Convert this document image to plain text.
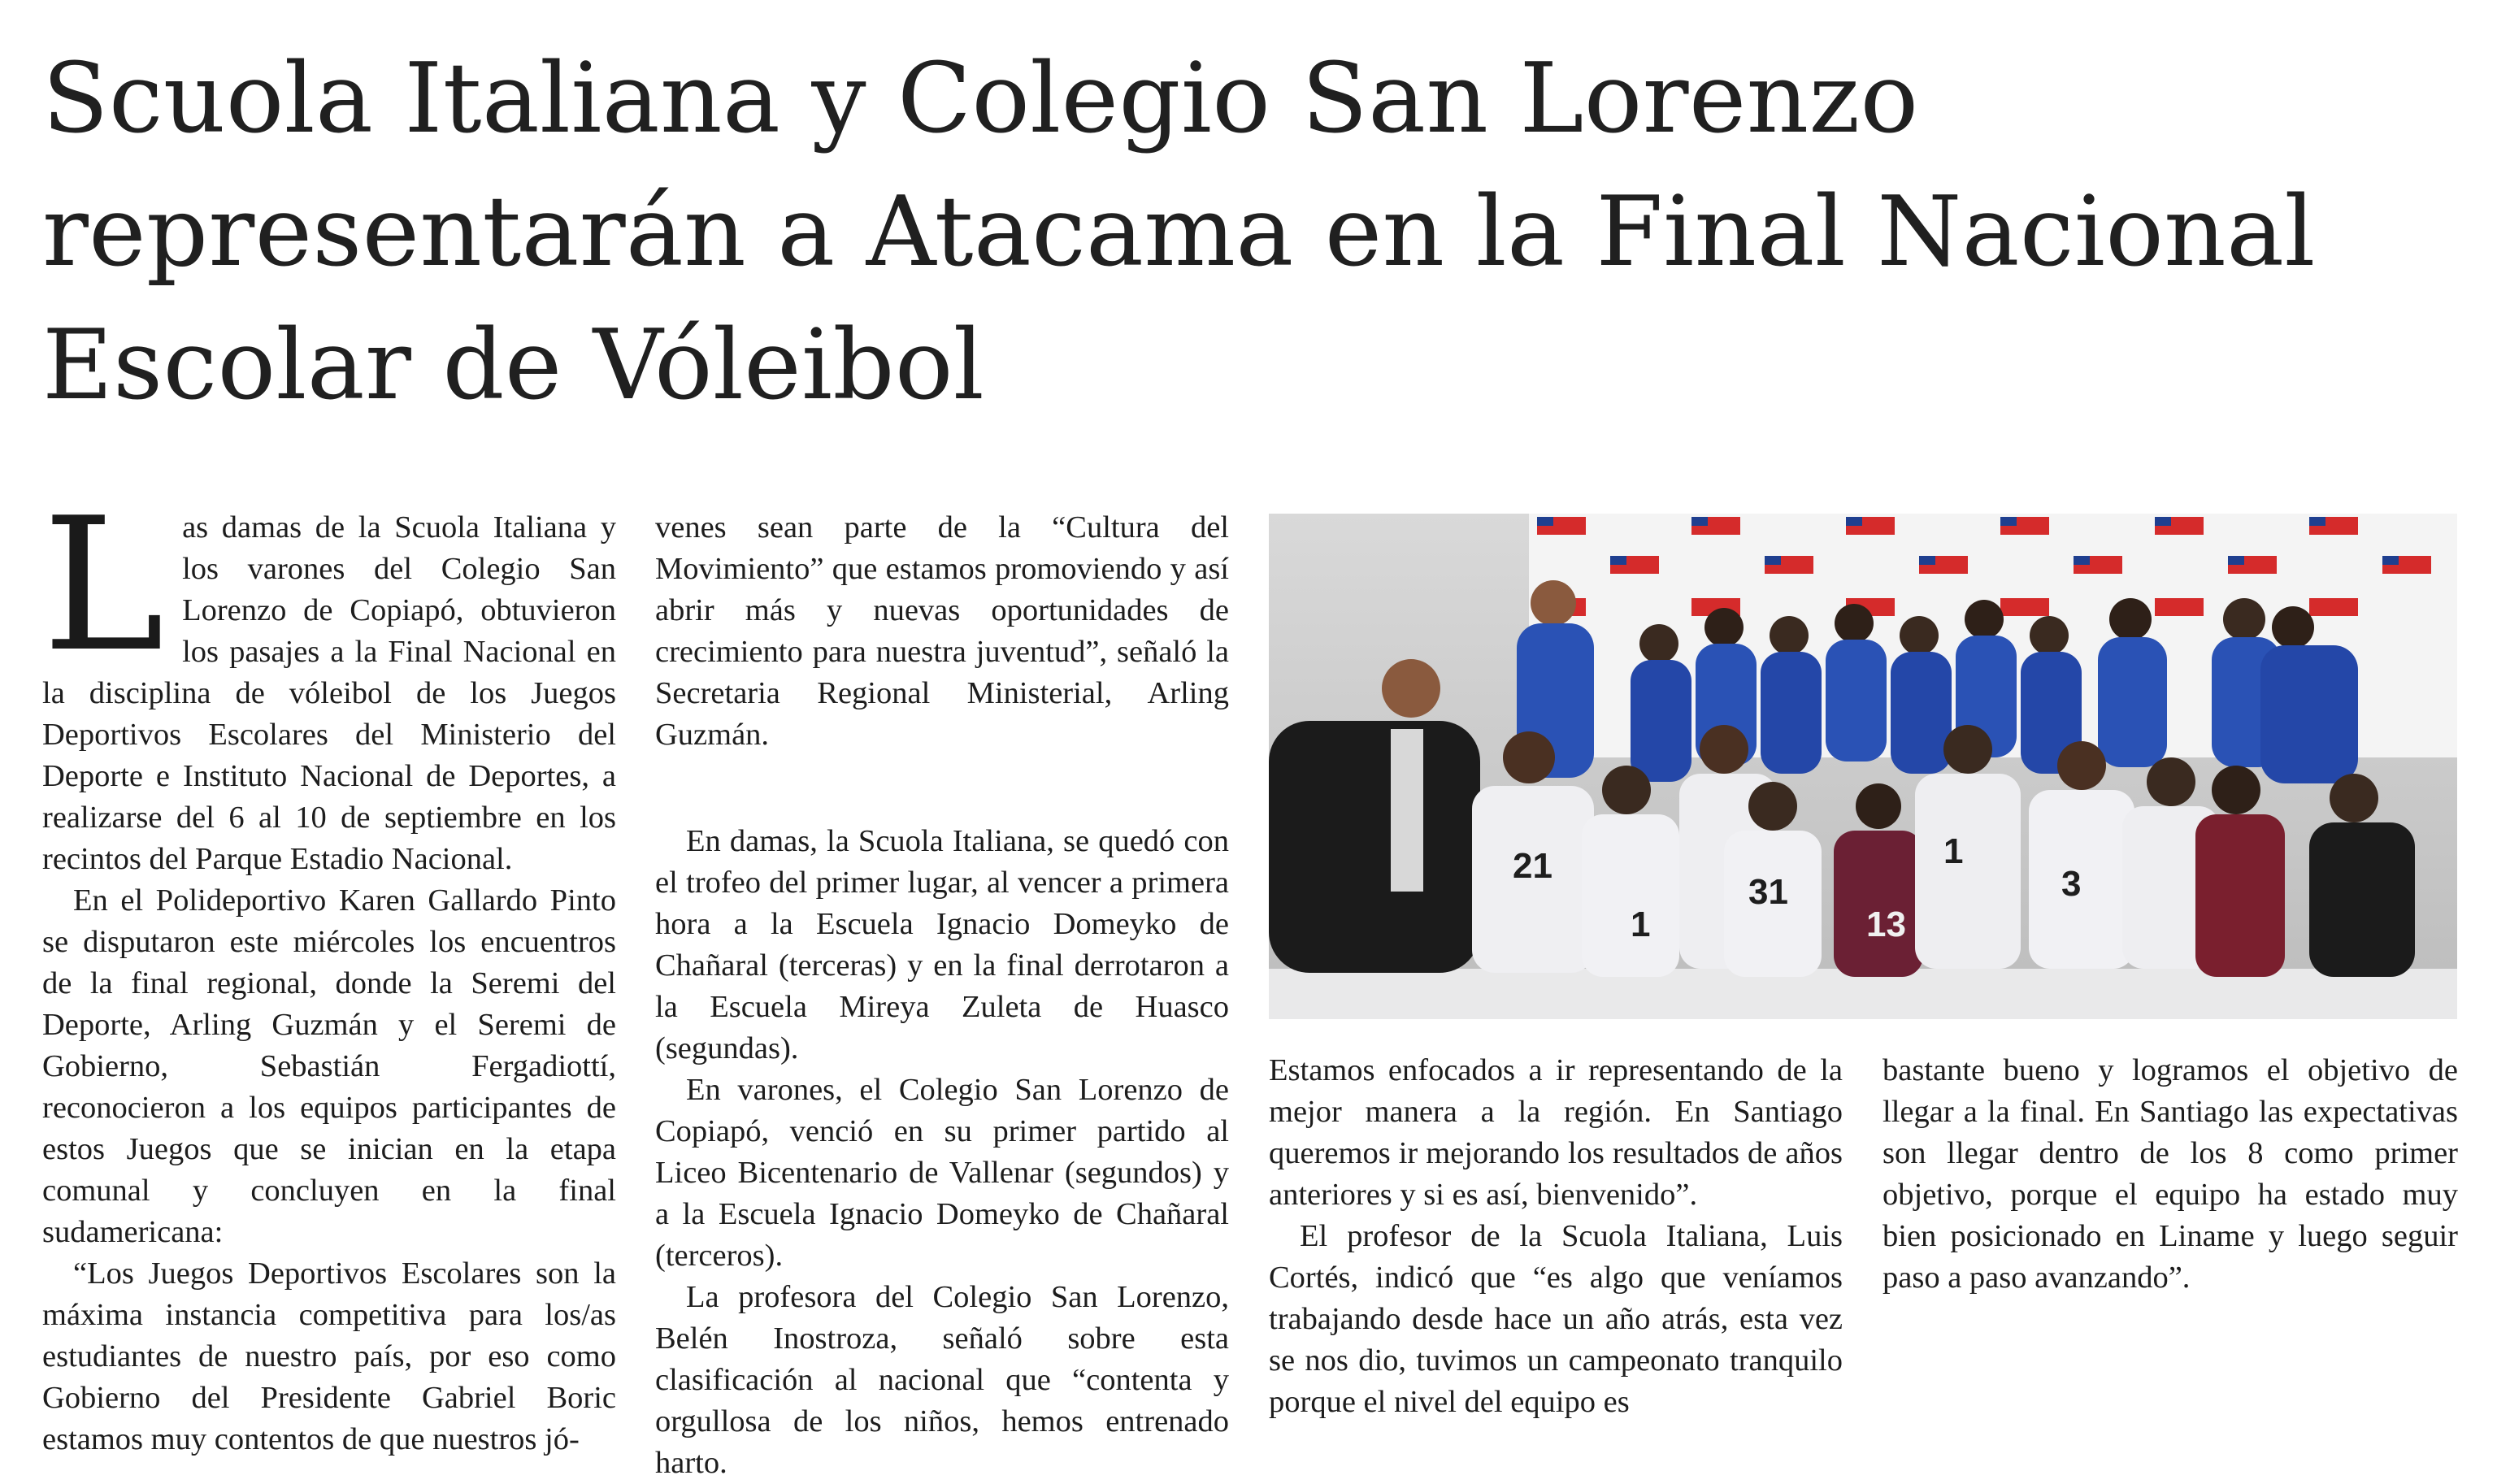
Scuola Italiana y Colegio San Lorenzo representarán a Atacama en la Final Nacional Escolar de Vóleibol

Las damas de la Scuola Italiana y los varones del Colegio San Lorenzo de Copiapó, obtuvieron los pasajes a la Final Nacional en la disciplina de vóleibol de los Juegos Deportivos Escolares del Ministerio del Deporte e Instituto Nacional de Deportes, a realizarse del 6 al 10 de septiembre en los recintos del Parque Estadio Nacional.

En el Polideportivo Karen Gallardo Pinto se disputaron este miércoles los encuentros de la final regional, donde la Seremi del Deporte, Arling Guzmán y el Seremi de Gobierno, Sebastián Fergadiottí, reconocieron a los equipos participantes de estos Juegos que se inician en la etapa comunal y concluyen en la final sudamericana:

“Los Juegos Deportivos Escolares son la máxima instancia competitiva para los/as estudiantes de nuestro país, por eso como Gobierno del Presidente Gabriel Boric estamos muy contentos de que nuestros jó-

venes sean parte de la “Cultura del Movimiento” que estamos promoviendo y así abrir más y nuevas oportunidades de crecimiento para nuestra juventud”, señaló la Secretaria Regional Ministerial, Arling Guzmán.

En damas, la Scuola Italiana, se quedó con el trofeo del primer lugar, al vencer a primera hora a la Escuela Ignacio Domeyko de Chañaral (terceras) y en la final derrotaron a la Escuela Mireya Zuleta de Huasco (segundas).

En varones, el Colegio San Lorenzo de Copiapó, venció en su primer partido al Liceo Bicentenario de Vallenar (segundos) y a la Escuela Ignacio Domeyko de Chañaral (terceros).

La profesora del Colegio San Lorenzo, Belén Inostroza, señaló sobre esta clasificación al nacional que “contenta y orgullosa de los niños, hemos entrenado harto.

21
1
31
13
1
3

Estamos enfocados a ir representando de la mejor manera a la región. En Santiago queremos ir mejorando los resultados de años anteriores y si es así, bienvenido”.

El profesor de la Scuola Italiana, Luis Cortés, indicó que “es algo que veníamos trabajando desde hace un año atrás, esta vez se nos dio, tuvimos un campeonato tranquilo porque el nivel del equipo es

bastante bueno y logramos el objetivo de llegar a la final. En Santiago las expectativas son llegar dentro de los 8 como primer objetivo, porque el equipo ha estado muy bien posicionado en Liname y luego seguir paso a paso avanzando”.
